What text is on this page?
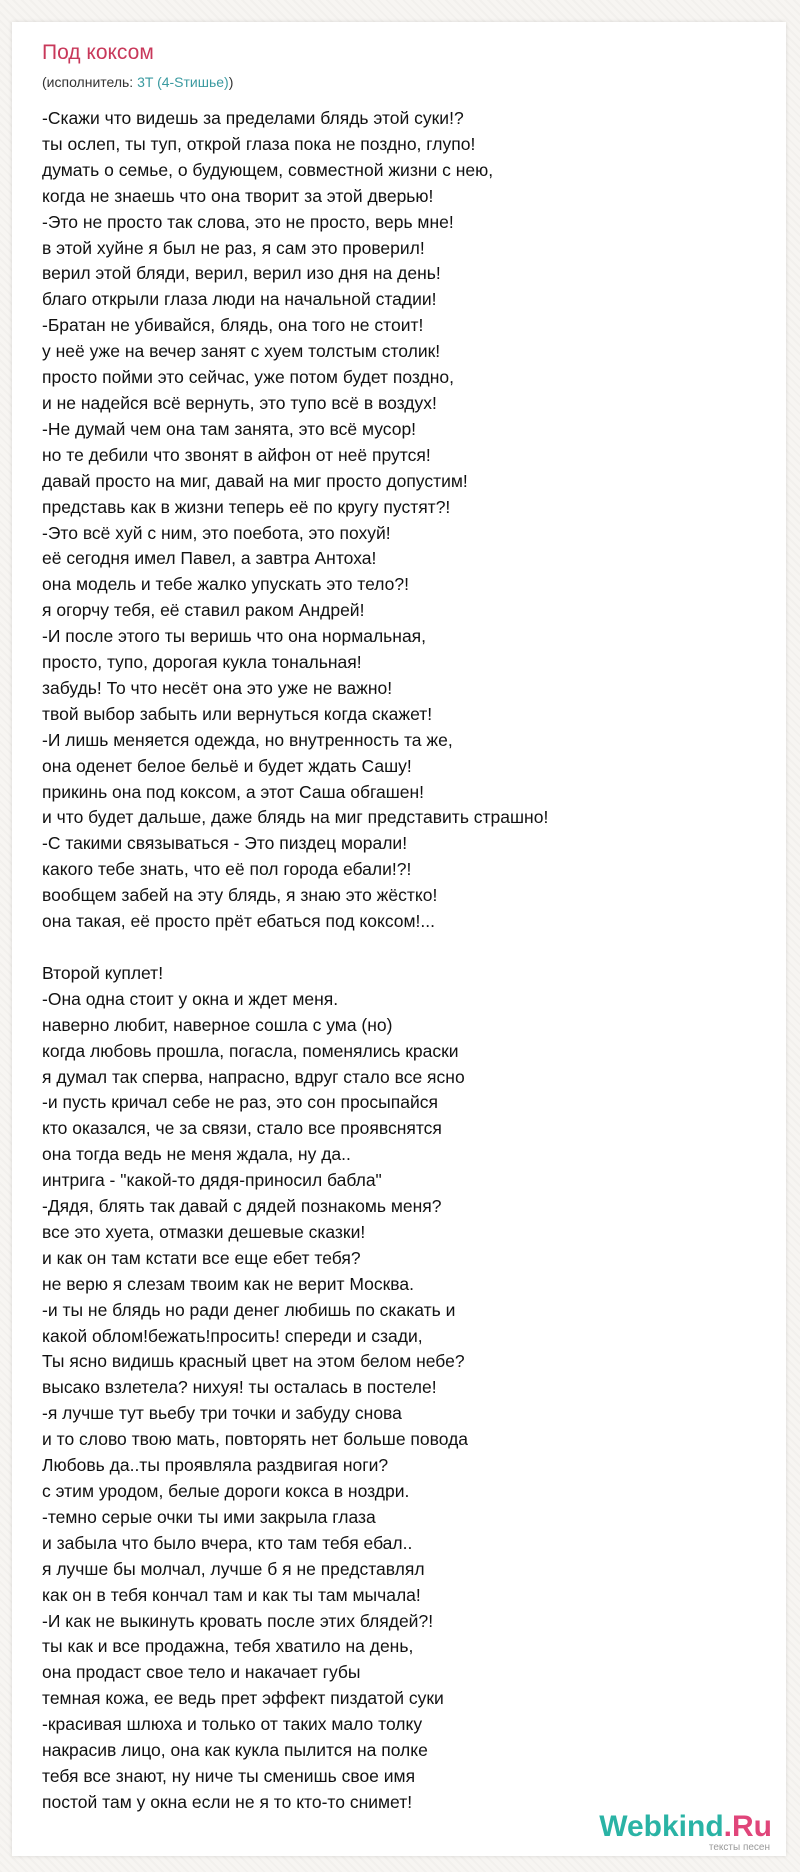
Под коксом
(исполнитель: 3T (4-Sтишье))
-Скажи что видешь за пределами блядь этой суки!?
ты ослеп, ты туп, открой глаза пока не поздно, глупо!
думать о семье, о будующем, совместной жизни с нею,
когда не знаешь что она творит за этой дверью!
-Это не просто так слова, это не просто, верь мне!
в этой хуйне я был не раз, я сам это проверил!
верил этой бляди, верил, верил изо дня на день!
благо открыли глаза люди на начальной стадии!
-Братан не убивайся, блядь, она того не стоит!
у неё уже на вечер занят с хуем толстым столик!
просто пойми это сейчас, уже потом будет поздно,
и не надейся всё вернуть, это тупо всё в воздух!
-Не думай чем она там занята, это всё мусор!
но те дебили что звонят в айфон от неё прутся!
давай просто на миг, давай на миг просто допустим!
представь как в жизни теперь её по кругу пустят?!
-Это всё хуй с ним, это поебота, это похуй!
её сегодня имел Павел, а завтра Антоха!
она модель и тебе жалко упускать это тело?!
я огорчу тебя, её ставил раком Андрей!
-И после этого ты веришь что она нормальная,
просто, тупо, дорогая кукла тональная!
забудь! То что несёт она это уже не важно!
твой выбор забыть или вернуться когда скажет!
-И лишь меняется одежда, но внутренность та же,
она оденет белое бельё и будет ждать Сашу!
прикинь она под коксом, а этот Саша обгашен!
и что будет дальше, даже блядь на миг представить страшно!
-С такими связываться - Это пиздец морали!
какого тебе знать, что её пол города ебали!?!
вообщем забей на эту блядь, я знаю это жёстко!
она такая, её просто прёт ебаться под коксом!...
Второй куплет!
-Она одна стоит у окна и ждет меня.
наверно любит, наверное сошла с ума (но)
когда любовь прошла, погасла, поменялись краски
я думал так сперва, напрасно, вдруг стало все ясно
-и пусть кричал себе не раз, это сон просыпайся
кто оказался, че за связи, стало все проявснятся
она тогда ведь не меня ждала, ну да..
интрига - "какой-то дядя-приносил бабла"
-Дядя, блять так давай с дядей познакомь меня?
все это хуета, отмазки дешевые сказки!
и как он там кстати все еще ебет тебя?
не верю я слезам твоим как не верит Москва.
-и ты не блядь но ради денег любишь по скакать и
какой облом!бежать!просить! спереди и сзади,
Ты ясно видишь красный цвет на этом белом небе?
высако взлетела? нихуя! ты осталась в постеле!
-я лучше тут вьебу три точки и забуду снова
и то слово твою мать, повторять нет больше повода
Любовь да..ты проявляла раздвигая ноги?
с этим уродом, белые дороги кокса в ноздри.
-темно серые очки ты ими закрыла глаза
и забыла что было вчера, кто там тебя ебал..
я лучше бы молчал, лучше б я не представлял
как он в тебя кончал там и как ты там мычала!
-И как не выкинуть кровать после этих блядей?!
ты как и все продажна, тебя хватило на день,
она продаст свое тело и накачает губы
темная кожа, ее ведь прет эффект пиздатой суки
-красивая шлюха и только от таких мало толку
накрасив лицо, она как кукла пылится на полке
тебя все знают, ну ниче ты сменишь свое имя
постой там у окна если не я то кто-то снимет!
Webkind.Ru
тексты песен
